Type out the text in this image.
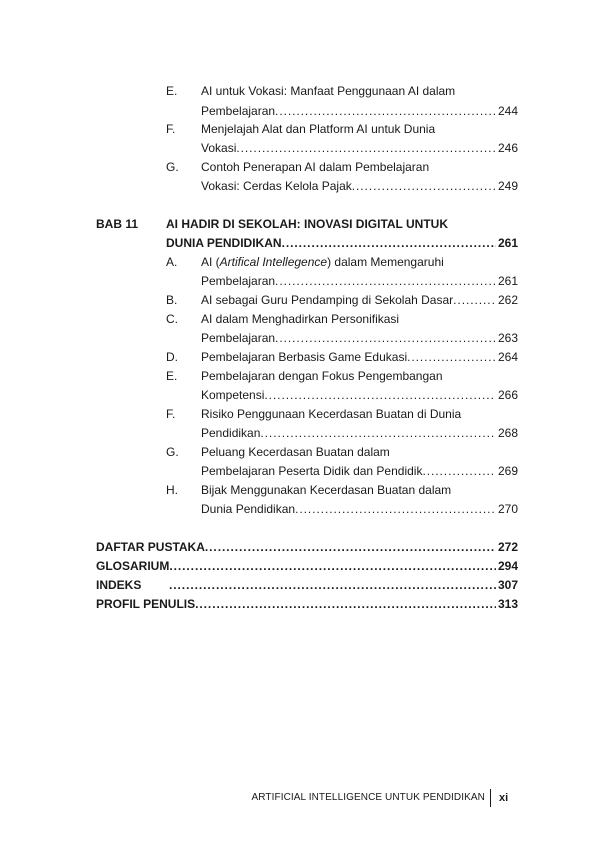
E. AI untuk Vokasi: Manfaat Penggunaan AI dalam
Pembelajaran . . .	244
F. Menjelajah Alat dan Platform AI untuk Dunia
Vokasi . . .	246
G. Contoh Penerapan AI dalam Pembelajaran
Vokasi: Cerdas Kelola Pajak . . .	249
BAB 11 AI HADIR DI SEKOLAH: INOVASI DIGITAL UNTUK
DUNIA PENDIDIKAN . . .	261
A. AI (Artifical Intellegence) dalam Memengaruhi
Pembelajaran . . .	261
B. AI sebagai Guru Pendamping di Sekolah Dasar . . .	262
C. AI dalam Menghadirkan Personifikasi
Pembelajaran . . .	263
D. Pembelajaran Berbasis Game Edukasi . . .	264
E. Pembelajaran dengan Fokus Pengembangan
Kompetensi . . .	266
F. Risiko Penggunaan Kecerdasan Buatan di Dunia
Pendidikan . . .	268
G. Peluang Kecerdasan Buatan dalam
Pembelajaran Peserta Didik dan Pendidik . . .	269
H. Bijak Menggunakan Kecerdasan Buatan dalam
Dunia Pendidikan . . .	270
DAFTAR PUSTAKA . . .	272
GLOSARIUM . . .	294
INDEKS . . .	307
PROFIL PENULIS . . .	313
ARTIFICIAL INTELLIGENCE UNTUK PENDIDIKAN xi
